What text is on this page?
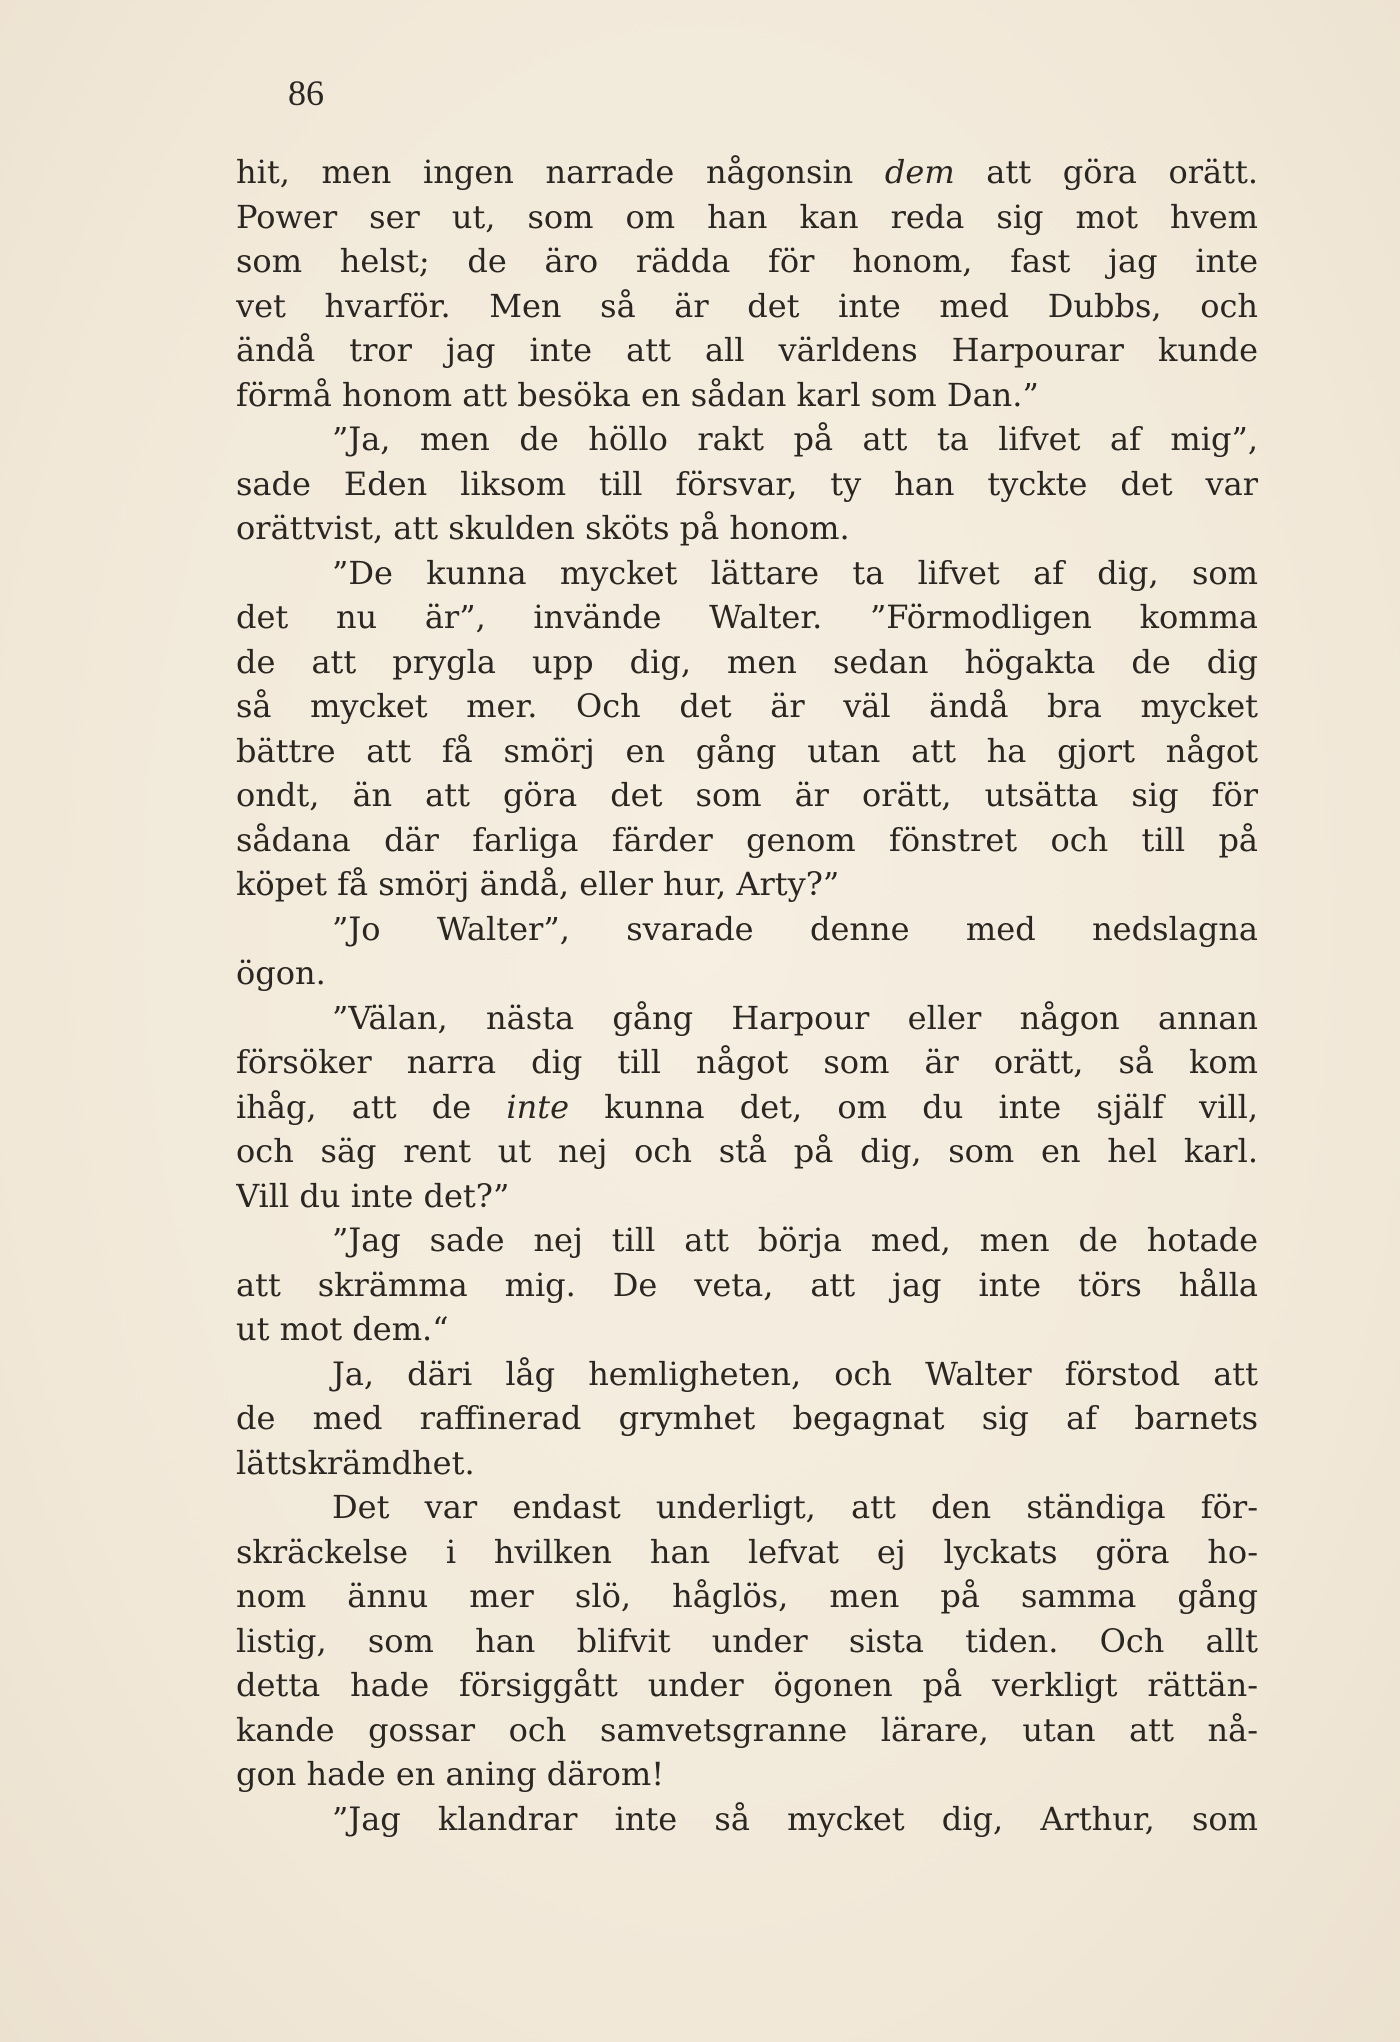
86

hit, men ingen narrade någonsin dem att göra orätt.
Power ser ut, som om han kan reda sig mot hvem
som helst; de äro rädda för honom, fast jag inte
vet hvarför. Men så är det inte med Dubbs, och
ändå tror jag inte att all världens Harpourar kunde
förmå honom att besöka en sådan karl som Dan.”
”Ja, men de höllo rakt på att ta lifvet af mig”,
sade Eden liksom till försvar, ty han tyckte det var
orättvist, att skulden sköts på honom.
”De kunna mycket lättare ta lifvet af dig, som
det nu är”, invände Walter. ”Förmodligen komma
de att prygla upp dig, men sedan högakta de dig
så mycket mer. Och det är väl ändå bra mycket
bättre att få smörj en gång utan att ha gjort något
ondt, än att göra det som är orätt, utsätta sig för
sådana där farliga färder genom fönstret och till på
köpet få smörj ändå, eller hur, Arty?”
”Jo Walter”, svarade denne med nedslagna
ögon.
”Välan, nästa gång Harpour eller någon annan
försöker narra dig till något som är orätt, så kom
ihåg, att de inte kunna det, om du inte själf vill,
och säg rent ut nej och stå på dig, som en hel karl.
Vill du inte det?”
”Jag sade nej till att börja med, men de hotade
att skrämma mig. De veta, att jag inte törs hålla
ut mot dem.“
Ja, däri låg hemligheten, och Walter förstod att
de med raffinerad grymhet begagnat sig af barnets
lättskrämdhet.
Det var endast underligt, att den ständiga för-
skräckelse i hvilken han lefvat ej lyckats göra ho-
nom ännu mer slö, håglös, men på samma gång
listig, som han blifvit under sista tiden. Och allt
detta hade försiggått under ögonen på verkligt rättän-
kande gossar och samvetsgranne lärare, utan att nå-
gon hade en aning därom!
”Jag klandrar inte så mycket dig, Arthur, som
